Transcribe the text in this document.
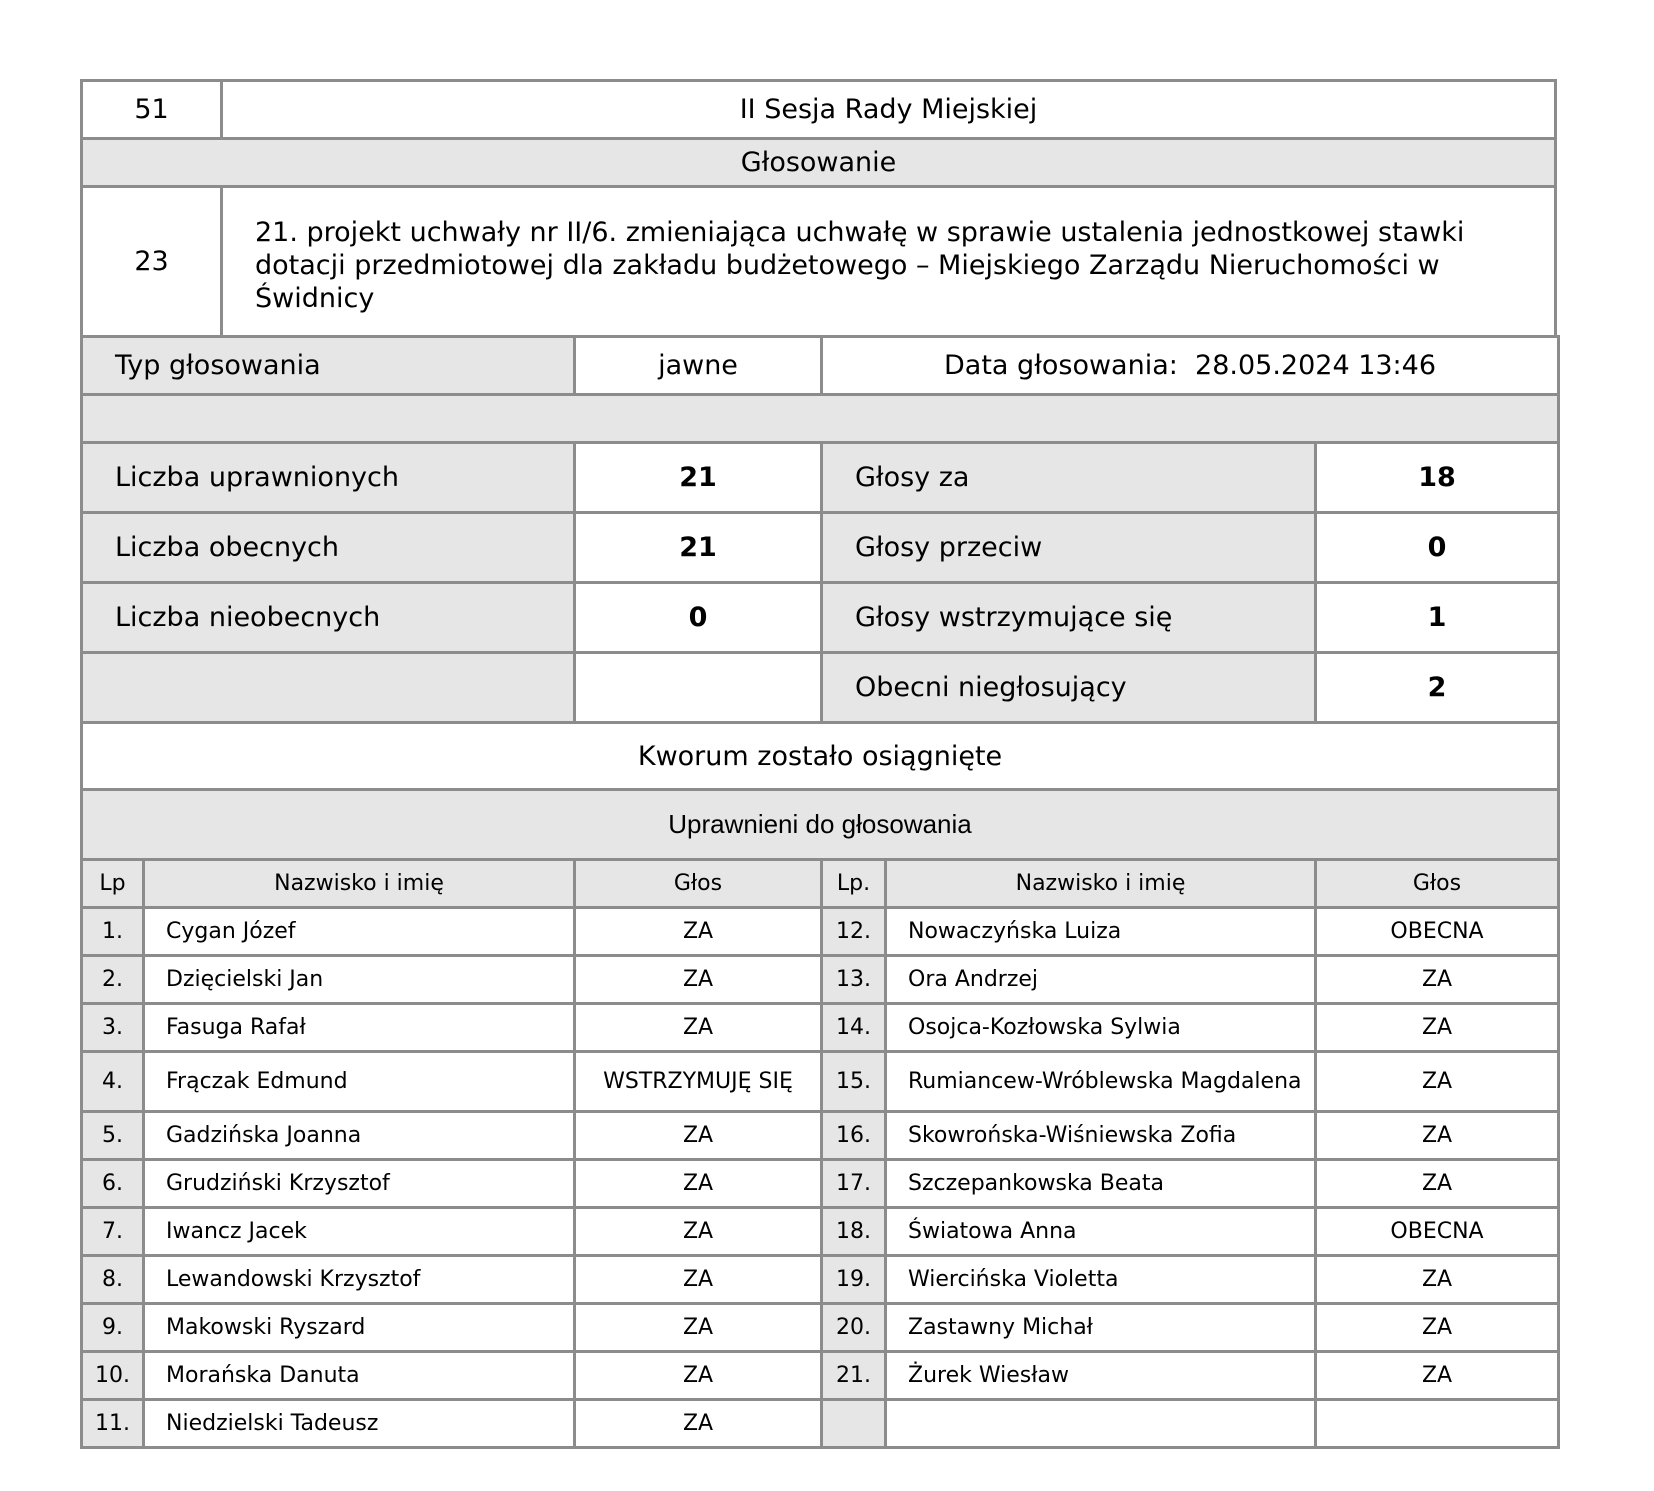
51	II Sesja Rady Miejskiej
Głosowanie	
23	21. projekt uchwały nr II/6. zmieniająca uchwałę w sprawie ustalenia jednostkowej stawki dotacji przedmiotowej dla zakładu budżetowego – Miejskiego Zarządu Nieruchomości w Świdnicy
Typ głosowania	jawne	Data głosowania: 28.05.2024 13:46	

Liczba uprawnionych	21	Głosy za	18
Liczba obecnych	21	Głosy przeciw	0
Liczba nieobecnych	0	Głosy wstrzymujące się	1
		Obecni niegłosujący	2
Kworum zostało osiągnięte			
Uprawnieni do głosowania			
Lp	Nazwisko i imię	Głos	Lp.	Nazwisko i imię	Głos
1.	Cygan Józef	ZA	12.	Nowaczyńska Luiza	OBECNA
2.	Dzięcielski Jan	ZA	13.	Ora Andrzej	ZA
3.	Fasuga Rafał	ZA	14.	Osojca-Kozłowska Sylwia	ZA
4.	Frączak Edmund	WSTRZYMUJĘ SIĘ	15.	Rumiancew-Wróblewska Magdalena	ZA
5.	Gadzińska Joanna	ZA	16.	Skowrońska-Wiśniewska Zofia	ZA
6.	Grudziński Krzysztof	ZA	17.	Szczepankowska Beata	ZA
7.	Iwancz Jacek	ZA	18.	Światowa Anna	OBECNA
8.	Lewandowski Krzysztof	ZA	19.	Wiercińska Violetta	ZA
9.	Makowski Ryszard	ZA	20.	Zastawny Michał	ZA
10.	Morańska Danuta	ZA	21.	Żurek Wiesław	ZA
11.	Niedzielski Tadeusz	ZA			
